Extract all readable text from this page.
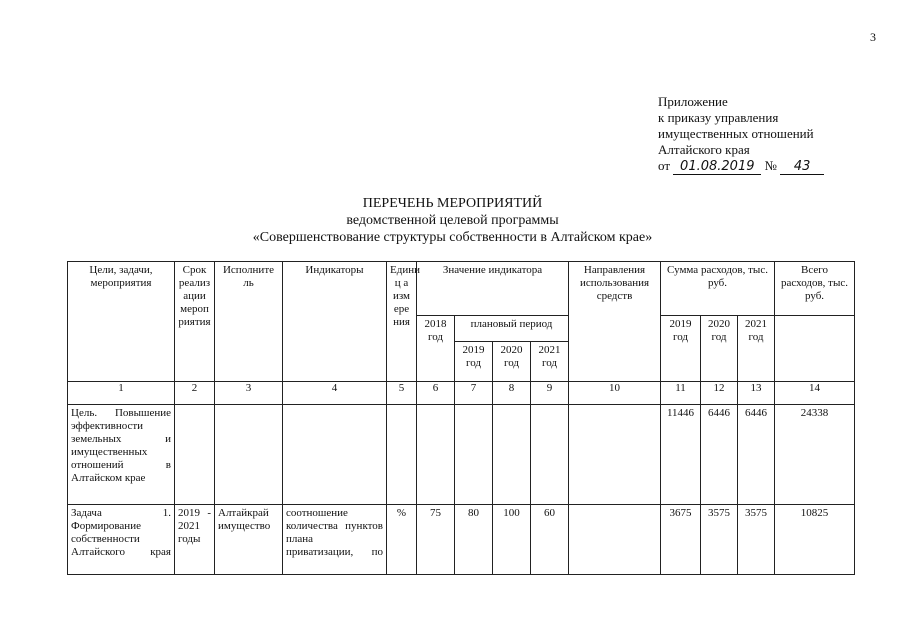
3
Приложение
к приказу управления
имущественных отношений
Алтайского края
от 01.08.2019 № 43
ПЕРЕЧЕНЬ МЕРОПРИЯТИЙ
ведомственной целевой программы
«Совершенствование структуры собственности в Алтайском крае»
Цели, задачи, мероприятия	Срок реализ ации мероп риятия	Исполните ль	Индикаторы	Едини ц а изм ере ния	Значение индикатора				Направления использования средств	Сумма расходов, тыс. руб.			Всего расходов, тыс. руб.
					2018 год	плановый период				2019 год	2020 год	2021 год	
						2019 год	2020 год	2021 год					
1	2	3	4	5	6	7	8	9	10	11	12	13	14
Цель. Повышение эффективности земельных и имущественных отношений в Алтайском крае										11446	6446	6446	24338
Задача 1. Формирование собственности Алтайского края	2019 - 2021 годы	Алтайкрай имущество	соотношение количества пунктов плана приватизации, по	%	75	80	100	60		3675	3575	3575	10825
